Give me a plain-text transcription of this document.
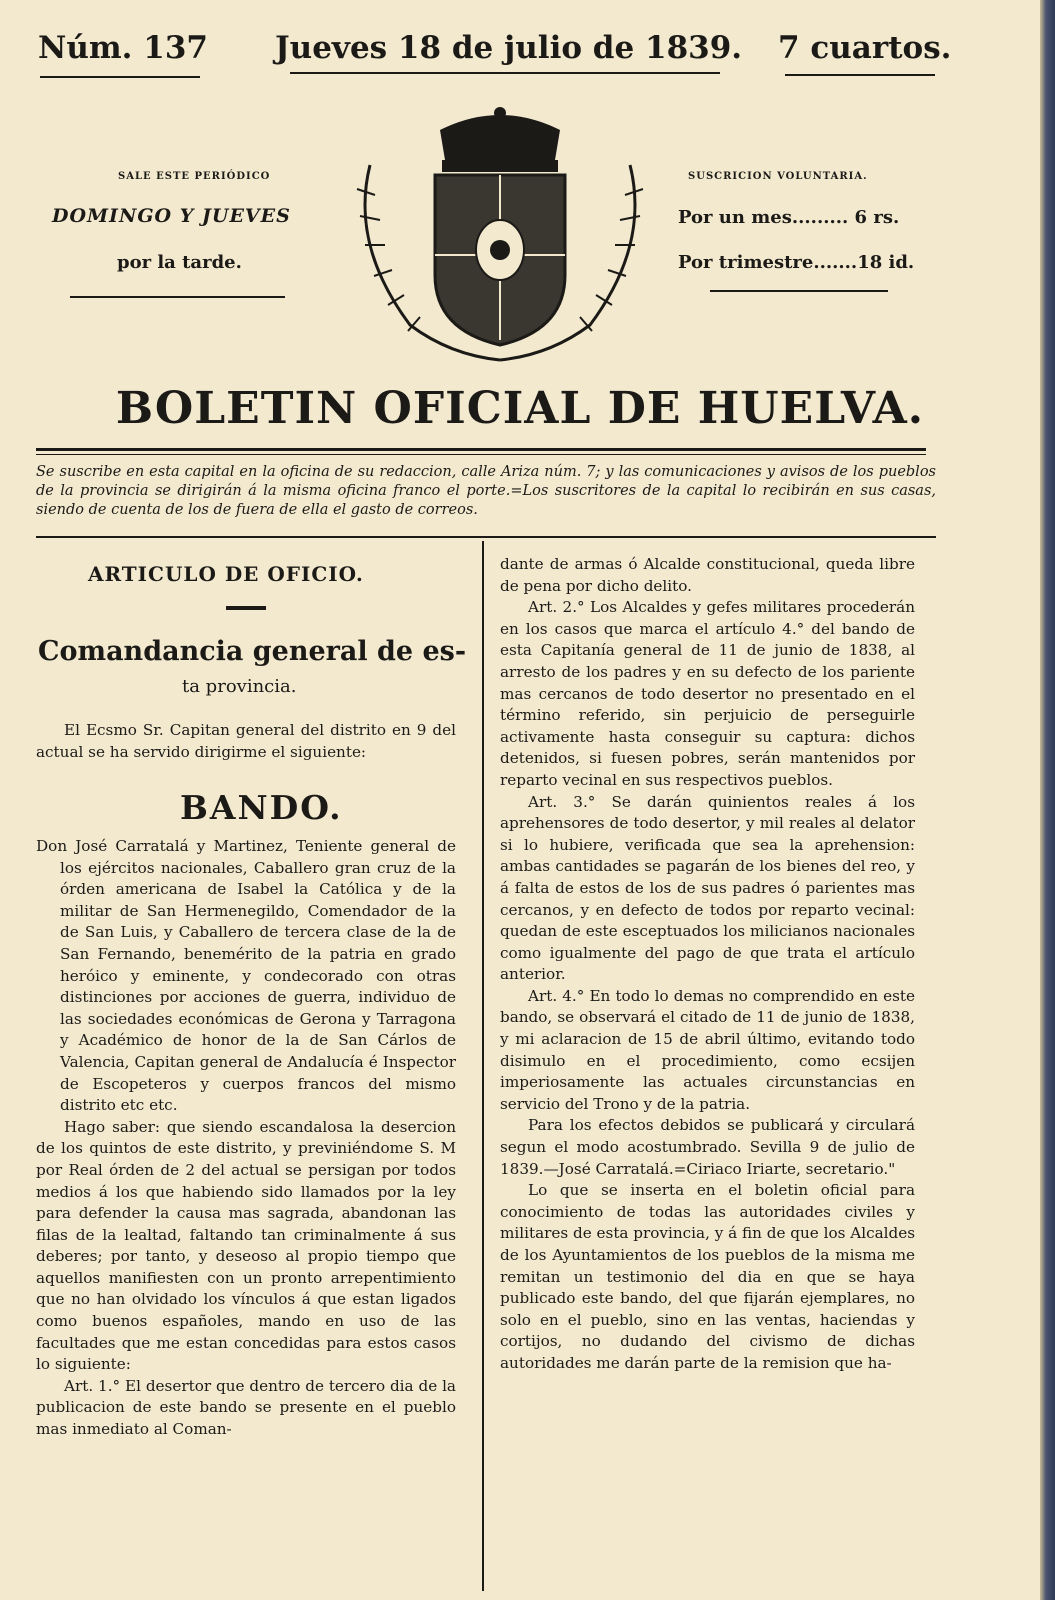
Núm. 137 Jueves 18 de julio de 1839. 7 cuartos.
SALE ESTE PERIÓDICO
DOMINGO Y JUEVES
por la tarde.
SUSCRICION VOLUNTARIA.
Por un mes......... 6 rs.
Por trimestre.......18 id.
BOLETIN OFICIAL DE HUELVA.
Se suscribe en esta capital en la oficina de su redaccion, calle Ariza núm. 7; y las comunicaciones y avisos de los pueblos de la provincia se dirigirán á la misma oficina franco el porte.=Los suscritores de la capital lo recibirán en sus casas, siendo de cuenta de los de fuera de ella el gasto de correos.
ARTICULO DE OFICIO.
Comandancia general de es-
ta provincia.

El Ecsmo Sr. Capitan general del distrito en 9 del actual se ha servido dirigirme el siguiente:

BANDO.

Don José Carratalá y Martinez, Teniente general de los ejércitos nacionales, Caballero gran cruz de la órden americana de Isabel la Católica y de la militar de San Hermenegildo, Comendador de la de San Luis, y Caballero de tercera clase de la de San Fernando, benemérito de la patria en grado heróico y eminente, y condecorado con otras distinciones por acciones de guerra, individuo de las sociedades económicas de Gerona y Tarragona y Académico de honor de la de San Cárlos de Valencia, Capitan general de Andalucía é Inspector de Escopeteros y cuerpos francos del mismo distrito etc etc.

Hago saber: que siendo escandalosa la desercion de los quintos de este distrito, y previniéndome S. M por Real órden de 2 del actual se persigan por todos medios á los que habiendo sido llamados por la ley para defender la causa mas sagrada, abandonan las filas de la lealtad, faltando tan criminalmente á sus deberes; por tanto, y deseoso al propio tiempo que aquellos manifiesten con un pronto arrepentimiento que no han olvidado los vínculos á que estan ligados como buenos españoles, mando en uso de las facultades que me estan concedidas para estos casos lo siguiente:

Art. 1.° El desertor que dentro de tercero dia de la publicacion de este bando se presente en el pueblo mas inmediato al Coman-

dante de armas ó Alcalde constitucional, queda libre de pena por dicho delito.

Art. 2.° Los Alcaldes y gefes militares procederán en los casos que marca el artículo 4.° del bando de esta Capitanía general de 11 de junio de 1838, al arresto de los padres y en su defecto de los pariente mas cercanos de todo desertor no presentado en el término referido, sin perjuicio de perseguirle activamente hasta conseguir su captura: dichos detenidos, si fuesen pobres, serán mantenidos por reparto vecinal en sus respectivos pueblos.

Art. 3.° Se darán quinientos reales á los aprehensores de todo desertor, y mil reales al delator si lo hubiere, verificada que sea la aprehension: ambas cantidades se pagarán de los bienes del reo, y á falta de estos de los de sus padres ó parientes mas cercanos, y en defecto de todos por reparto vecinal: quedan de este esceptuados los milicianos nacionales como igualmente del pago de que trata el artículo anterior.

Art. 4.° En todo lo demas no comprendido en este bando, se observará el citado de 11 de junio de 1838, y mi aclaracion de 15 de abril último, evitando todo disimulo en el procedimiento, como ecsijen imperiosamente las actuales circunstancias en servicio del Trono y de la patria.

Para los efectos debidos se publicará y circulará segun el modo acostumbrado. Sevilla 9 de julio de 1839.—José Carratalá.=Ciriaco Iriarte, secretario."

Lo que se inserta en el boletin oficial para conocimiento de todas las autoridades civiles y militares de esta provincia, y á fin de que los Alcaldes de los Ayuntamientos de los pueblos de la misma me remitan un testimonio del dia en que se haya publicado este bando, del que fijarán ejemplares, no solo en el pueblo, sino en las ventas, haciendas y cortijos, no dudando del civismo de dichas autoridades me darán parte de la remision que ha-
